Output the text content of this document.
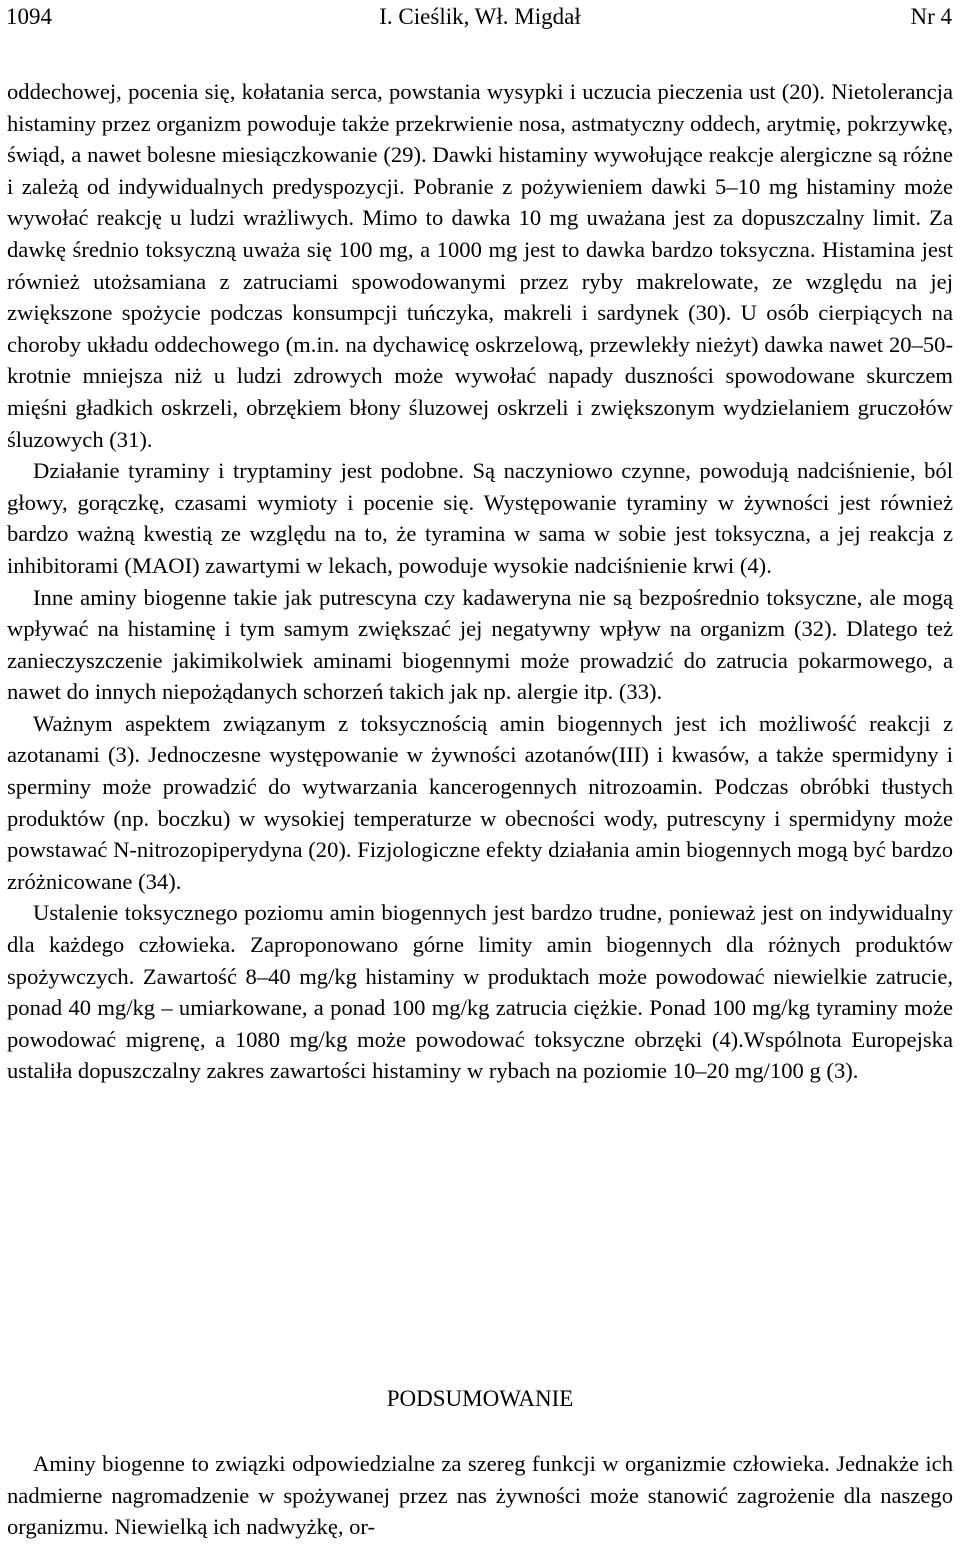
1094	I. Cieślik, Wł. Migdał	Nr 4

oddechowej, pocenia się, kołatania serca, powstania wysypki i uczucia pieczenia ust (20). Nietolerancja histaminy przez organizm powoduje także przekrwienie nosa, astmatyczny oddech, arytmię, pokrzywkę, świąd, a nawet bolesne miesiączkowanie (29). Dawki histaminy wywołujące reakcje alergiczne są różne i zależą od indywidualnych predyspozycji. Pobranie z pożywieniem dawki 5–10 mg histaminy może wywołać reakcję u ludzi wrażliwych. Mimo to dawka 10 mg uważana jest za dopuszczalny limit. Za dawkę średnio toksyczną uważa się 100 mg, a 1000 mg jest to dawka bardzo toksyczna. Histamina jest również utożsamiana z zatruciami spowodowanymi przez ryby makrelowate, ze względu na jej zwiększone spożycie podczas konsumpcji tuńczyka, makreli i sardynek (30). U osób cierpiących na choroby układu oddechowego (m.in. na dychawicę oskrzelową, przewlekły nieżyt) dawka nawet 20–50-krotnie mniejsza niż u ludzi zdrowych może wywołać napady duszności spowodowane skurczem mięśni gładkich oskrzeli, obrzękiem błony śluzowej oskrzeli i zwiększonym wydzielaniem gruczołów śluzowych (31).

Działanie tyraminy i tryptaminy jest podobne. Są naczyniowo czynne, powodują nadciśnienie, ból głowy, gorączkę, czasami wymioty i pocenie się. Występowanie tyraminy w żywności jest również bardzo ważną kwestią ze względu na to, że tyramina w sama w sobie jest toksyczna, a jej reakcja z inhibitorami (MAOI) zawartymi w lekach, powoduje wysokie nadciśnienie krwi (4).

Inne aminy biogenne takie jak putrescyna czy kadaweryna nie są bezpośrednio toksyczne, ale mogą wpływać na histaminę i tym samym zwiększać jej negatywny wpływ na organizm (32). Dlatego też zanieczyszczenie jakimikolwiek aminami biogennymi może prowadzić do zatrucia pokarmowego, a nawet do innych niepożądanych schorzeń takich jak np. alergie itp. (33).

Ważnym aspektem związanym z toksycznością amin biogennych jest ich możliwość reakcji z azotanami (3). Jednoczesne występowanie w żywności azotanów(III) i kwasów, a także spermidyny i sperminy może prowadzić do wytwarzania kancerogennych nitrozoamin. Podczas obróbki tłustych produktów (np. boczku) w wysokiej temperaturze w obecności wody, putrescyny i spermidyny może powstawać N-nitrozopiperydyna (20). Fizjologiczne efekty działania amin biogennych mogą być bardzo zróżnicowane (34).

Ustalenie toksycznego poziomu amin biogennych jest bardzo trudne, ponieważ jest on indywidualny dla każdego człowieka. Zaproponowano górne limity amin biogennych dla różnych produktów spożywczych. Zawartość 8–40 mg/kg histaminy w produktach może powodować niewielkie zatrucie, ponad 40 mg/kg – umiarkowane, a ponad 100 mg/kg zatrucia ciężkie. Ponad 100 mg/kg tyraminy może powodować migrenę, a 1080 mg/kg może powodować toksyczne obrzęki (4).Wspólnota Europejska ustaliła dopuszczalny zakres zawartości histaminy w rybach na poziomie 10–20 mg/100 g (3).

PODSUMOWANIE

Aminy biogenne to związki odpowiedzialne za szereg funkcji w organizmie człowieka. Jednakże ich nadmierne nagromadzenie w spożywanej przez nas żywności może stanowić zagrożenie dla naszego organizmu. Niewielką ich nadwyżkę, or-
